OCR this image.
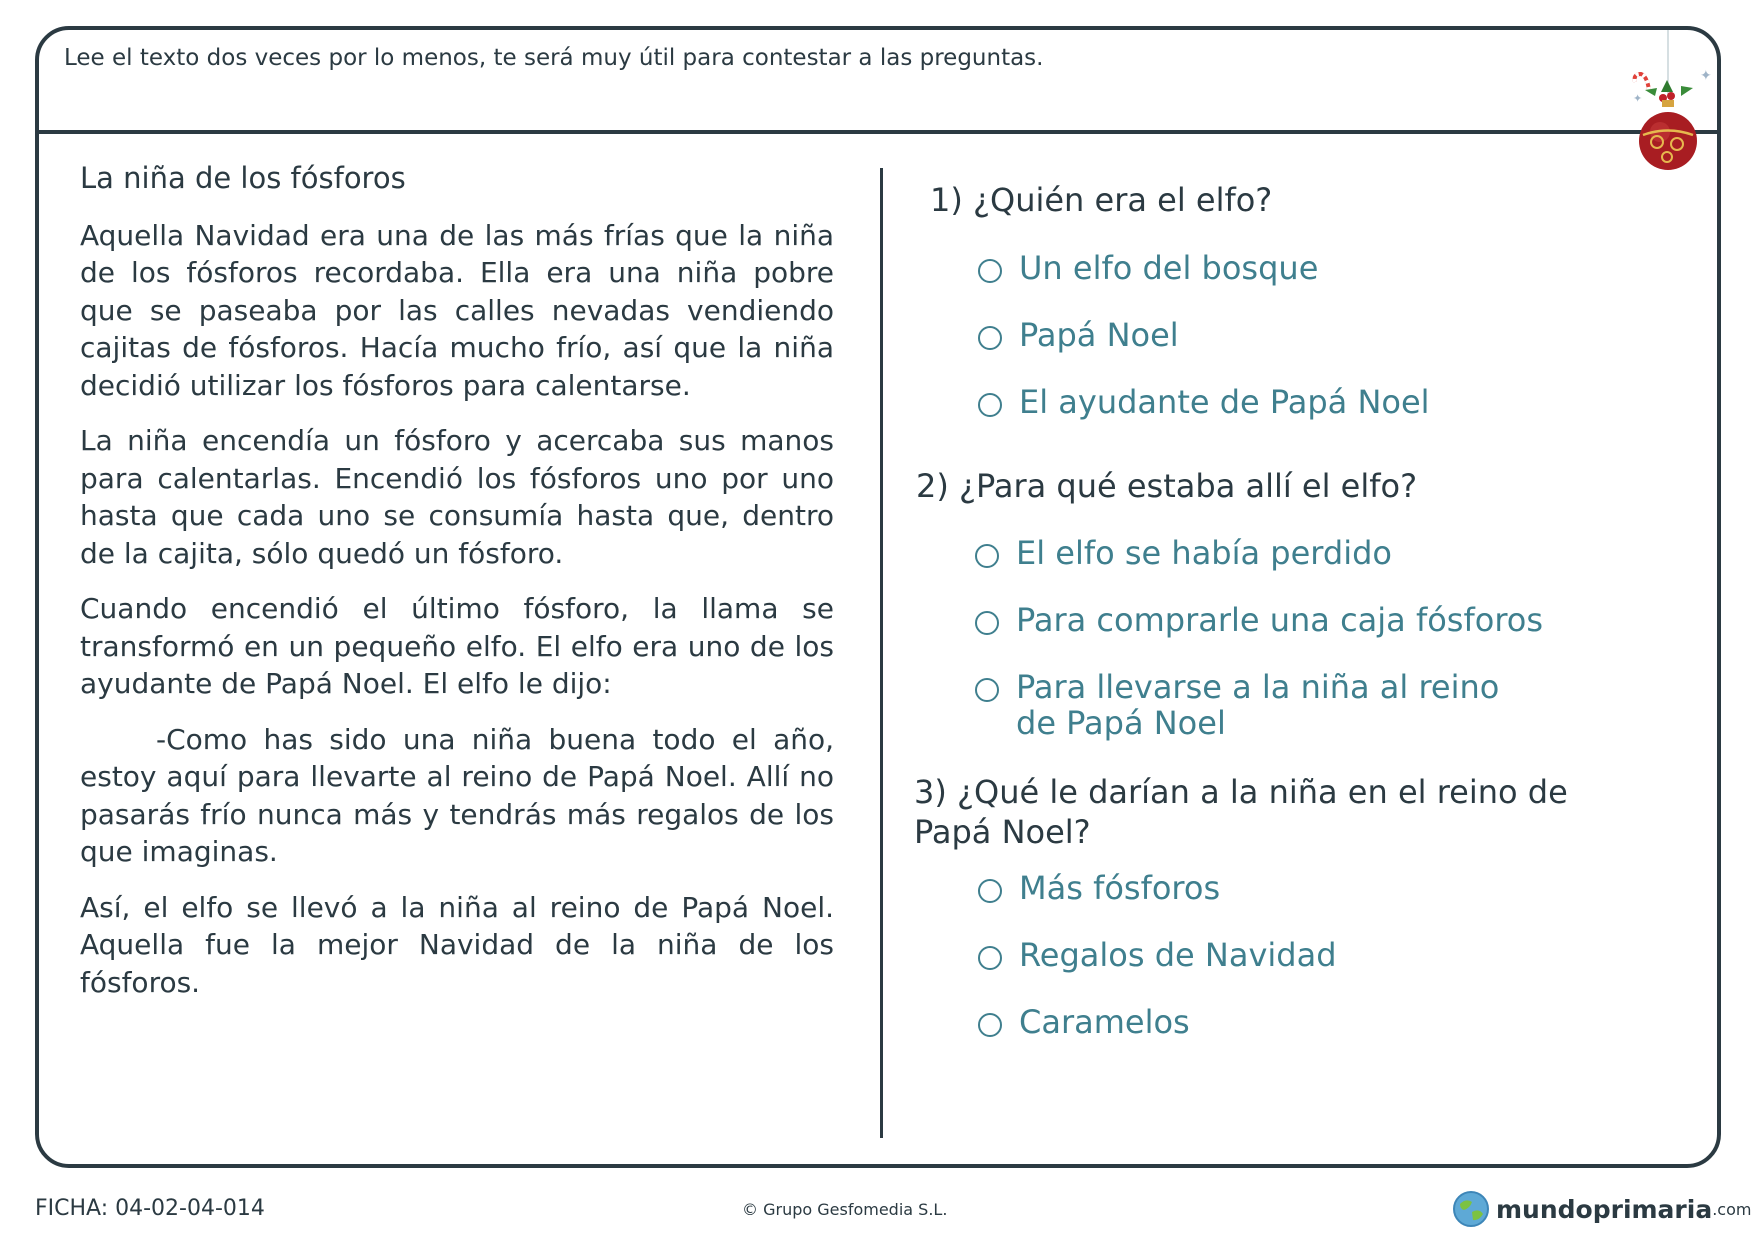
Lee el texto dos veces por lo menos, te será muy útil para contestar a las preguntas.
✦
✦
La niña de los fósforos

Aquella Navidad era una de las más frías que la niña de los fósforos recordaba. Ella era una niña pobre que se paseaba por las calles nevadas vendiendo cajitas de fósforos. Hacía mucho frío, así que la niña decidió utilizar los fósforos para calentarse.

La niña encendía un fósforo y acercaba sus manos para calentarlas. Encendió los fósforos uno por uno hasta que cada uno se consumía hasta que, dentro de la cajita, sólo quedó un fósforo.

Cuando encendió el último fósforo, la llama se transformó en un pequeño elfo. El elfo era uno de los ayudante de Papá Noel. El elfo le dijo:

-Como has sido una niña buena todo el año, estoy aquí para llevarte al reino de Papá Noel. Allí no pasarás frío nunca más y tendrás más regalos de los que imaginas.

Así, el elfo se llevó a la niña al reino de Papá Noel. Aquella fue la mejor Navidad de la niña de los fósforos.

1) ¿Quién era el elfo?
Un elfo del bosque
Papá Noel
El ayudante de Papá Noel
2) ¿Para qué estaba allí el elfo?
El elfo se había perdido
Para comprarle una caja fósforos
Para llevarse a la niña al reino de Papá Noel
3) ¿Qué le darían a la niña en el reino de Papá Noel?
Más fósforos
Regalos de Navidad
Caramelos
FICHA: 04-02-04-014	© Grupo Gesfomedia S.L.	mundoprimaria .com
